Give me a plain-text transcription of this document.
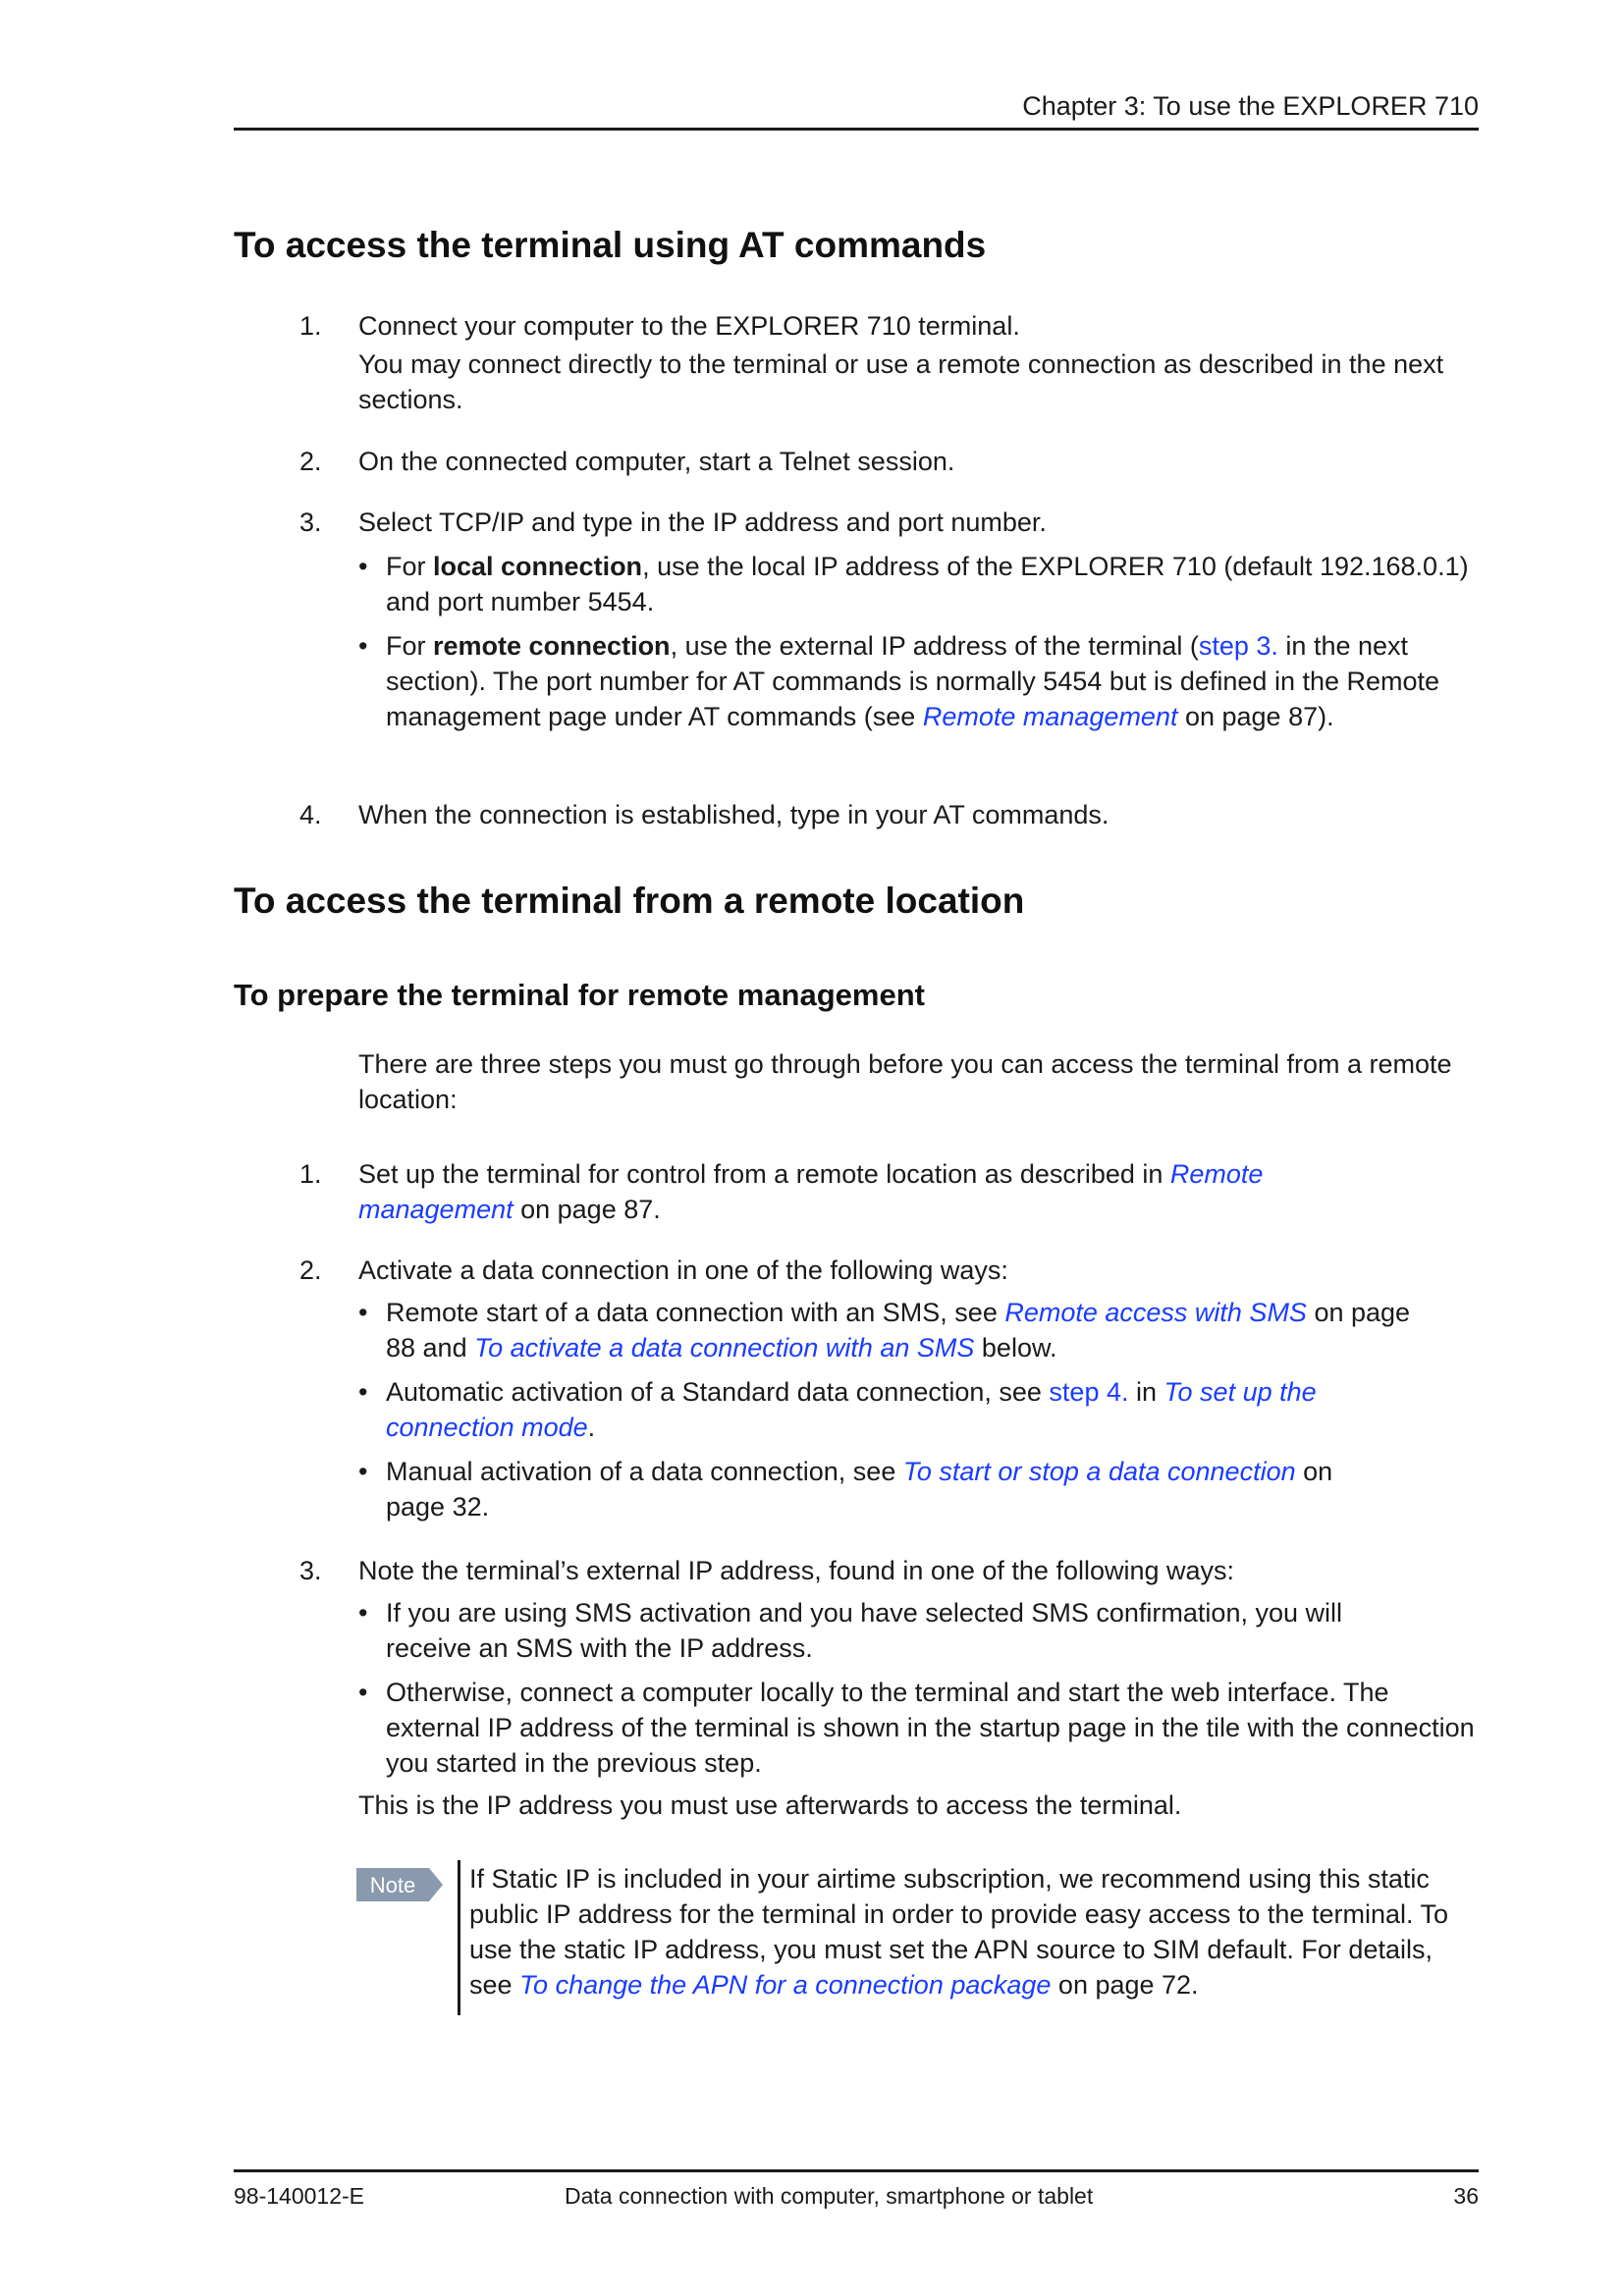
Chapter 3: To use the EXPLORER 710
To access the terminal using AT commands
1. Connect your computer to the EXPLORER 710 terminal.

You may connect directly to the terminal or use a remote connection as described in the next sections.

2. On the connected computer, start a Telnet session.

3. Select TCP/IP and type in the IP address and port number.

• For local connection, use the local IP address of the EXPLORER 710 (default 192.168.0.1) and port number 5454.
• For remote connection, use the external IP address of the terminal (step 3. in the next section). The port number for AT commands is normally 5454 but is defined in the Remote management page under AT commands (see Remote management on page 87).
4. When the connection is established, type in your AT commands.

To access the terminal from a remote location
To prepare the terminal for remote management

There are three steps you must go through before you can access the terminal from a remote location:

1. Set up the terminal for control from a remote location as described in Remote management on page 87.

2. Activate a data connection in one of the following ways:

• Remote start of a data connection with an SMS, see Remote access with SMS on page 88 and To activate a data connection with an SMS below.
• Automatic activation of a Standard data connection, see step 4. in To set up the connection mode.
• Manual activation of a data connection, see To start or stop a data connection on page 32.
3. Note the terminal’s external IP address, found in one of the following ways:

• If you are using SMS activation and you have selected SMS confirmation, you will receive an SMS with the IP address.
• Otherwise, connect a computer locally to the terminal and start the web interface. The external IP address of the terminal is shown in the startup page in the tile with the connection you started in the previous step.

This is the IP address you must use afterwards to access the terminal.

Note If Static IP is included in your airtime subscription, we recommend using this static public IP address for the terminal in order to provide easy access to the terminal. To use the static IP address, you must set the APN source to SIM default. For details, see To change the APN for a connection package on page 72.
98-140012-E	Data connection with computer, smartphone or tablet	36
